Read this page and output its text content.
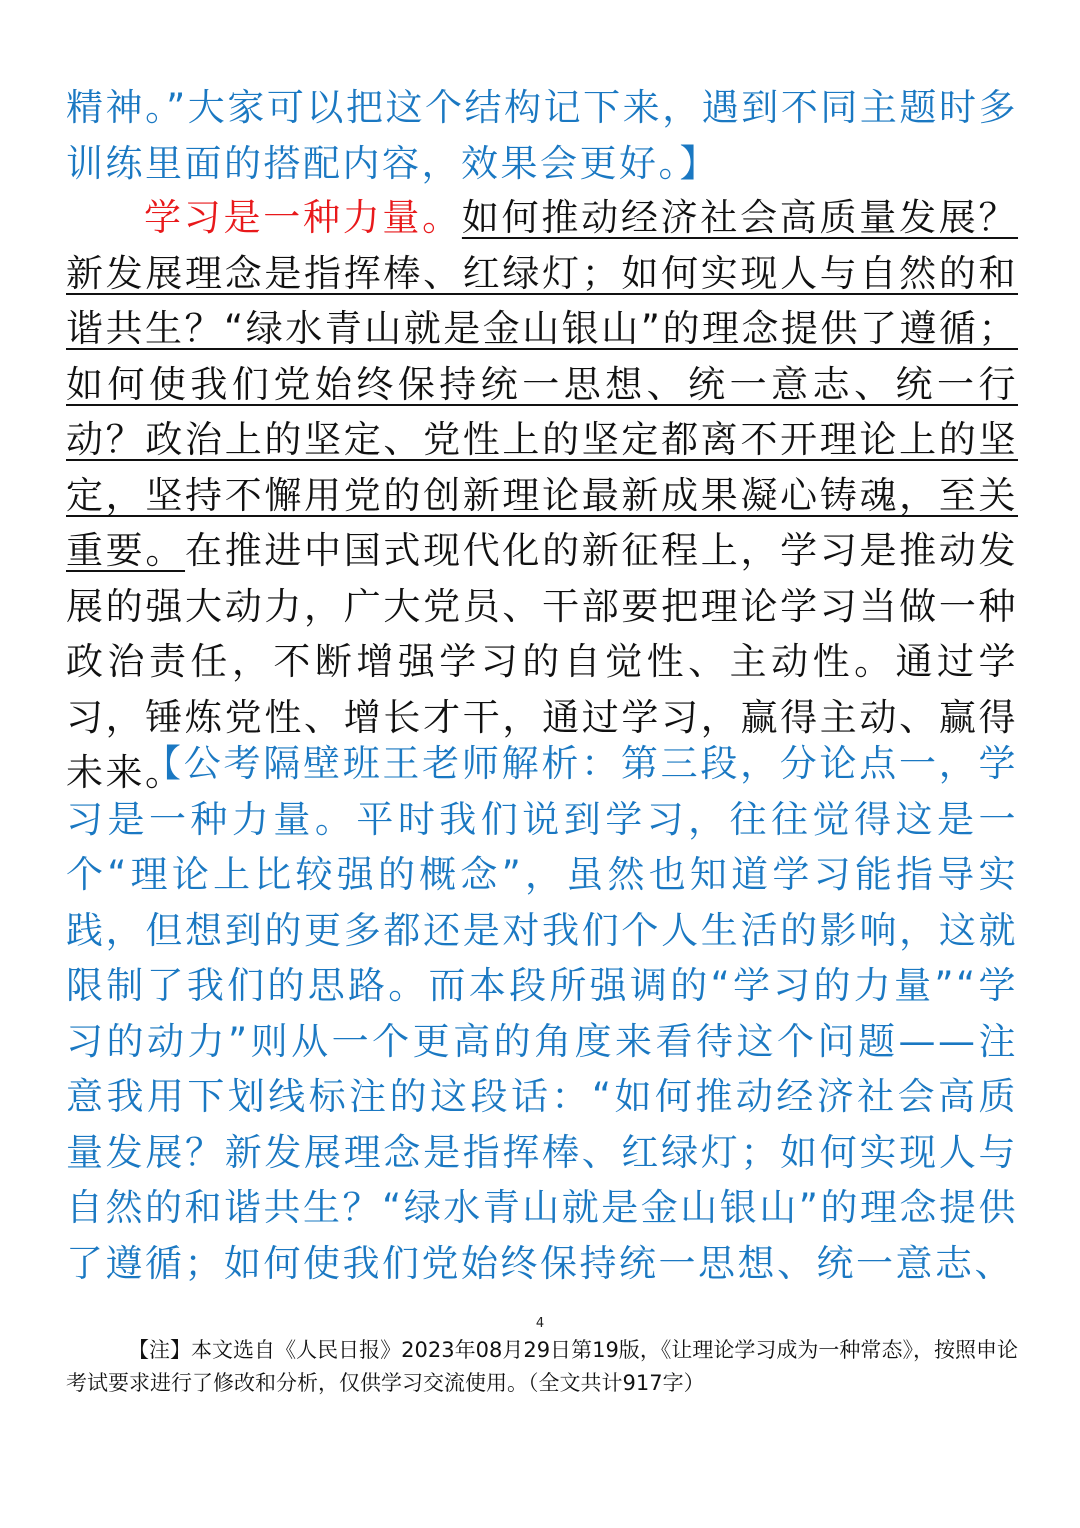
精神。”大家可以把这个结构记下来，遇到不同主题时多训练里面的搭配内容，效果会更好。】

学习是一种力量。如何推动经济社会高质量发展？新发展理念是指挥棒、红绿灯；如何实现人与自然的和谐共生？“绿水青山就是金山银山”的理念提供了遵循；如何使我们党始终保持统一思想、统一意志、统一行动？政治上的坚定、党性上的坚定都离不开理论上的坚定，坚持不懈用党的创新理论最新成果凝心铸魂，至关重要。在推进中国式现代化的新征程上，学习是推动发展的强大动力，广大党员、干部要把理论学习当做一种政治责任，不断增强学习的自觉性、主动性。通过学习，锤炼党性、增长才干，通过学习，赢得主动、赢得未来。

【公考隔壁班王老师解析：第三段，分论点一，学习是一种力量。平时我们说到学习，往往觉得这是一个“理论上比较强的概念”，虽然也知道学习能指导实践，但想到的更多都还是对我们个人生活的影响，这就限制了我们的思路。而本段所强调的“学习的力量”“学习的动力”则从一个更高的角度来看待这个问题——注意我用下划线标注的这段话：“如何推动经济社会高质量发展？新发展理念是指挥棒、红绿灯；如何实现人与自然的和谐共生？“绿水青山就是金山银山”的理念提供了遵循；如何使我们党始终保持统一思想、统一意志、

4

【注】本文选自《人民日报》2023年08月29日第19版，《让理论学习成为一种常态》，按照申论考试要求进行了修改和分析，仅供学习交流使用。（全文共计917字）
